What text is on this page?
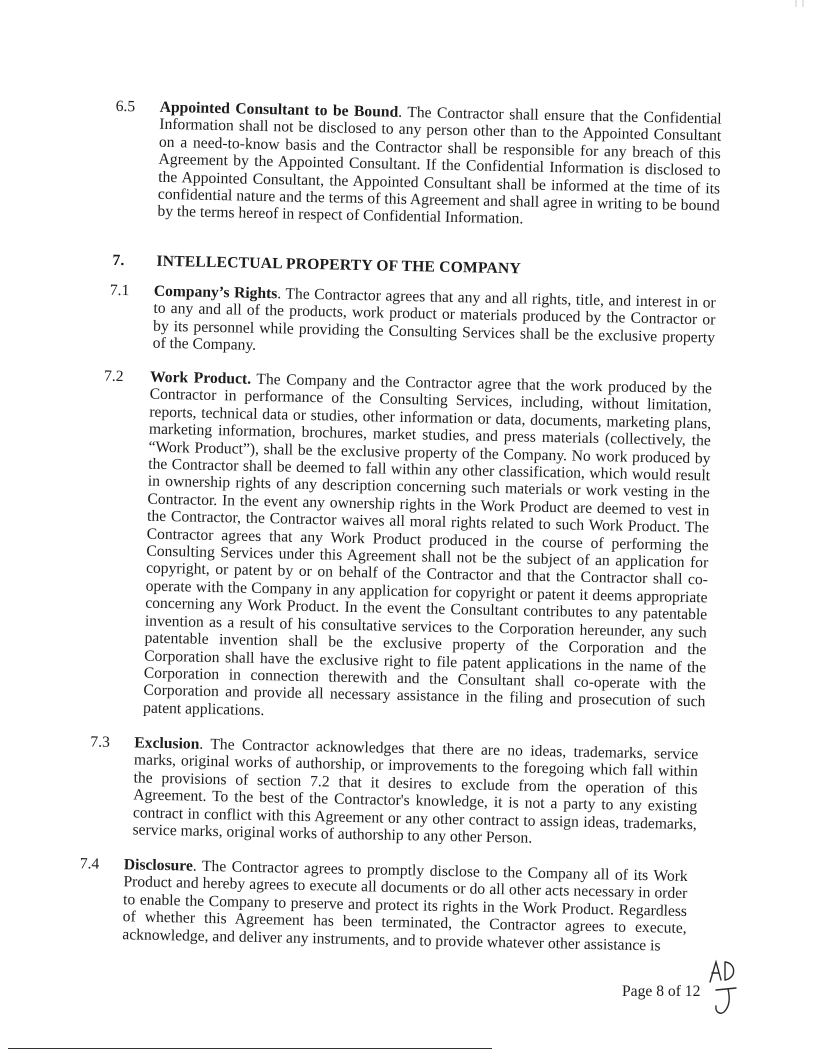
6.5	Appointed Consultant to be Bound. The Contractor shall ensure that the Confidential Information shall not be disclosed to any person other than to the Appointed Consultant on a need-to-know basis and the Contractor shall be responsible for any breach of this Agreement by the Appointed Consultant. If the Confidential Information is disclosed to the Appointed Consultant, the Appointed Consultant shall be informed at the time of its confidential nature and the terms of this Agreement and shall agree in writing to be bound by the terms hereof in respect of Confidential Information.
7.	INTELLECTUAL PROPERTY OF THE COMPANY
7.1	Company’s Rights. The Contractor agrees that any and all rights, title, and interest in or to any and all of the products, work product or materials produced by the Contractor or by its personnel while providing the Consulting Services shall be the exclusive property of the Company.
7.2	Work Product. The Company and the Contractor agree that the work produced by the Contractor in performance of the Consulting Services, including, without limitation, reports, technical data or studies, other information or data, documents, marketing plans, marketing information, brochures, market studies, and press materials (collectively, the “Work Product”), shall be the exclusive property of the Company. No work produced by the Contractor shall be deemed to fall within any other classification, which would result in ownership rights of any description concerning such materials or work vesting in the Contractor. In the event any ownership rights in the Work Product are deemed to vest in the Contractor, the Contractor waives all moral rights related to such Work Product. The Contractor agrees that any Work Product produced in the course of performing the Consulting Services under this Agreement shall not be the subject of an application for copyright, or patent by or on behalf of the Contractor and that the Contractor shall co-operate with the Company in any application for copyright or patent it deems appropriate concerning any Work Product. In the event the Consultant contributes to any patentable invention as a result of his consultative services to the Corporation hereunder, any such patentable invention shall be the exclusive property of the Corporation and the Corporation shall have the exclusive right to file patent applications in the name of the Corporation in connection therewith and the Consultant shall co-operate with the Corporation and provide all necessary assistance in the filing and prosecution of such patent applications.
7.3	Exclusion. The Contractor acknowledges that there are no ideas, trademarks, service marks, original works of authorship, or improvements to the foregoing which fall within the provisions of section 7.2 that it desires to exclude from the operation of this Agreement. To the best of the Contractor's knowledge, it is not a party to any existing contract in conflict with this Agreement or any other contract to assign ideas, trademarks, service marks, original works of authorship to any other Person.
7.4	Disclosure. The Contractor agrees to promptly disclose to the Company all of its Work Product and hereby agrees to execute all documents or do all other acts necessary in order to enable the Company to preserve and protect its rights in the Work Product. Regardless of whether this Agreement has been terminated, the Contractor agrees to execute, acknowledge, and deliver any instruments, and to provide whatever other assistance is
Page 8 of 12
